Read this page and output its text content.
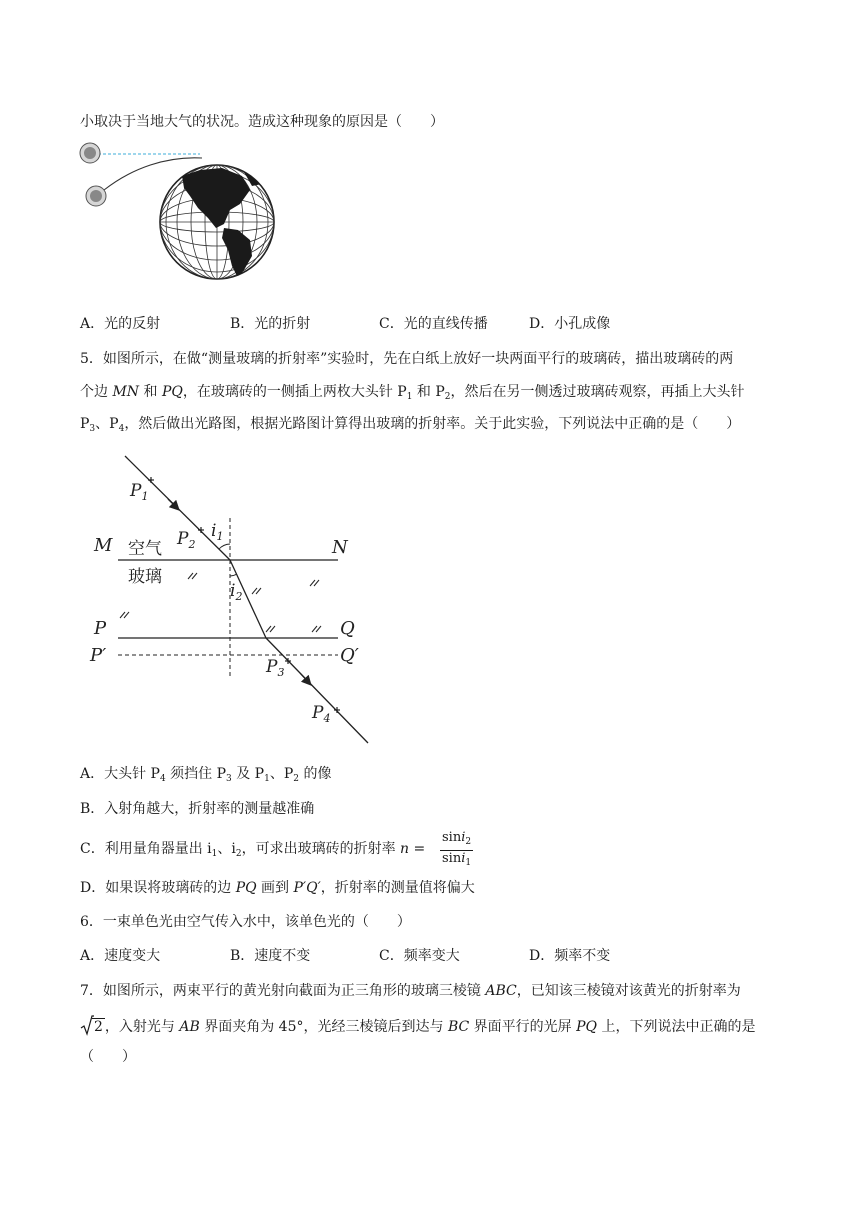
小取决于当地大气的状况。造成这种现象的原因是（　　）
A．光的反射	B．光的折射	C．光的直线传播	D．小孔成像
5．如图所示，在做“测量玻璃的折射率”实验时，先在白纸上放好一块两面平行的玻璃砖，描出玻璃砖的两
个边 MN 和 PQ，在玻璃砖的一侧插上两枚大头针 $P_1$ 和 $P_2$，然后在另一侧透过玻璃砖观察，再插上大头针
$P_3$、$P_4$，然后做出光路图，根据光路图计算得出玻璃的折射率。关于此实验，下列说法中正确的是（　　）
M	N
P	Q
P′	Q′
空气
玻璃
$P_1$
$P_2$
$P_3$
$P_4$
$i_1$
$i_2$
A．大头针 $P_4$ 须挡住 $P_3$ 及 $P_1$、$P_2$ 的像
B．入射角越大，折射率的测量越准确
C．利用量角器量出 $i_1$、$i_2$，可求出玻璃砖的折射率 $n = \frac{\sin i_2}{\sin i_1}$
D．如果误将玻璃砖的边 PQ 画到 P′Q′，折射率的测量值将偏大
6．一束单色光由空气传入水中，该单色光的（　　）
A．速度变大	B．速度不变	C．频率变大	D．频率不变
7．如图所示，两束平行的黄光射向截面为正三角形的玻璃三棱镜 ABC，已知该三棱镜对该黄光的折射率为
2 ，入射光与 AB 界面夹角为 45°，光经三棱镜后到达与 BC 界面平行的光屏 PQ 上，下列说法中正确的是
（　　）
